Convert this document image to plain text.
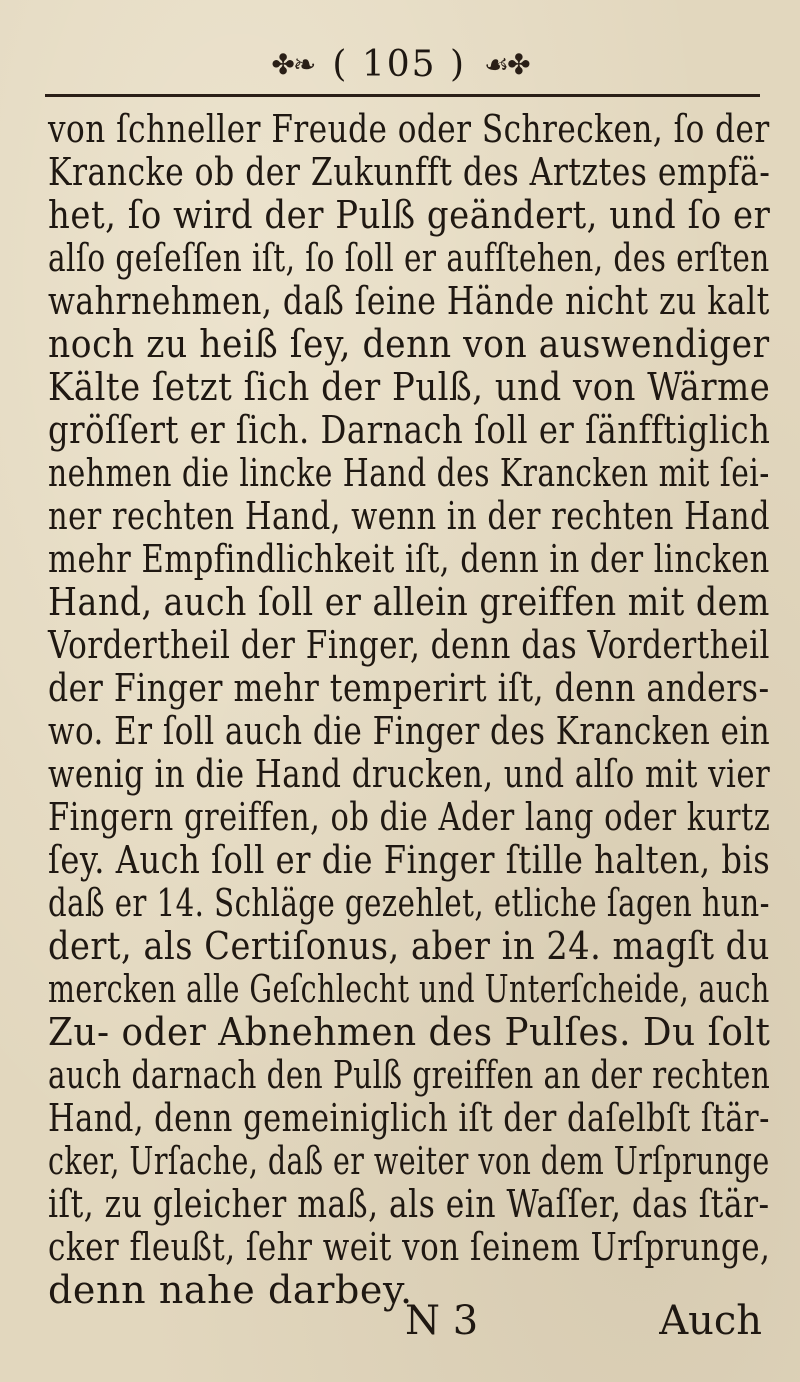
✤❧ ( 105 ) ☙✤
von ſchneller Freude oder Schrecken, ſo der
Krancke ob der Zukunfft des Artztes empfä-
het, ſo wird der Pulß geändert, und ſo er
alſo geſeſſen iſt, ſo ſoll er aufſtehen, des erſten
wahrnehmen, daß ſeine Hände nicht zu kalt
noch zu heiß ſey, denn von auswendiger
Kälte ſetzt ſich der Pulß, und von Wärme
gröſſert er ſich. Darnach ſoll er ſänfftiglich
nehmen die lincke Hand des Krancken mit ſei-
ner rechten Hand, wenn in der rechten Hand
mehr Empfindlichkeit iſt, denn in der lincken
Hand, auch ſoll er allein greiffen mit dem
Vordertheil der Finger, denn das Vordertheil
der Finger mehr temperirt iſt, denn anders-
wo. Er ſoll auch die Finger des Krancken ein
wenig in die Hand drucken, und alſo mit vier
Fingern greiffen, ob die Ader lang oder kurtz
ſey. Auch ſoll er die Finger ſtille halten, bis
daß er 14. Schläge gezehlet, etliche ſagen hun-
dert, als Certiſonus, aber in 24. magſt du
mercken alle Geſchlecht und Unterſcheide, auch
Zu- oder Abnehmen des Pulſes. Du ſolt
auch darnach den Pulß greiffen an der rechten
Hand, denn gemeiniglich iſt der daſelbſt ſtär-
cker, Urſache, daß er weiter von dem Urſprunge
iſt, zu gleicher maß, als ein Waſſer, das ſtär-
cker fleußt, ſehr weit von ſeinem Urſprunge,
denn nahe darbey.
N 3	Auch
